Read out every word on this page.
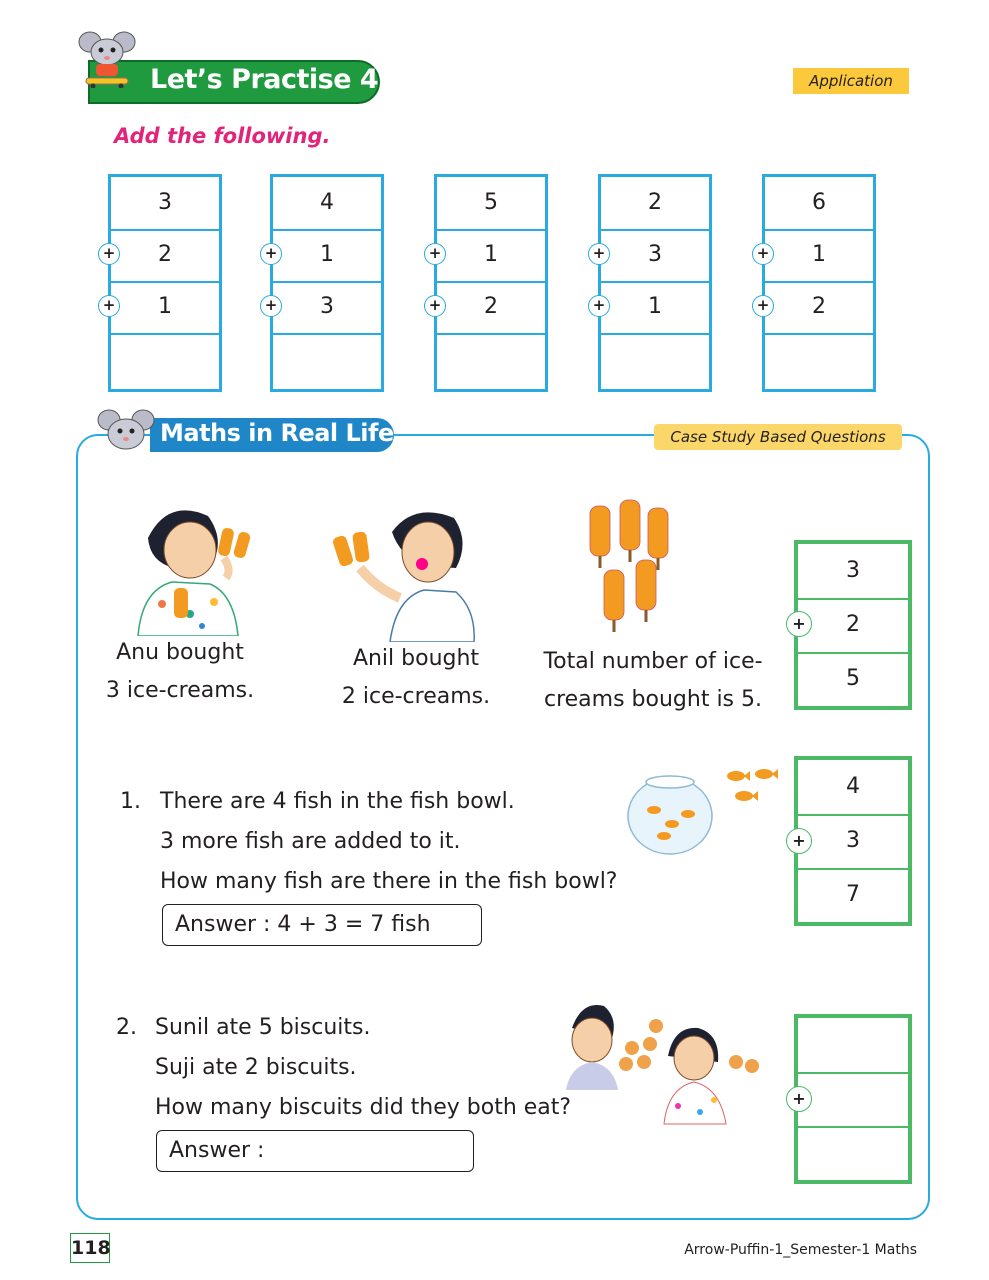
Let’s Practise 4.5	Application
Add the following.
3
2
1
+
+
4
1
3
+
+
5
1
2
+
+
2
3
1
+
+
6
1
2
+
+
Maths in Real Life	Case Study Based Questions
Anu bought
3 ice-creams.
Anil bought
2 ice-creams.
Total number of ice-
creams bought is 5.
3
2
5
+
1. There are 4 fish in the fish bowl.
3 more fish are added to it.
How many fish are there in the fish bowl?
Answer : 4 + 3 = 7 fish
4
3
7
+
2. Sunil ate 5 biscuits.
Suji ate 2 biscuits.
How many biscuits did they both eat?
Answer :
+
118	Arrow-Puffin-1_Semester-1 Maths
